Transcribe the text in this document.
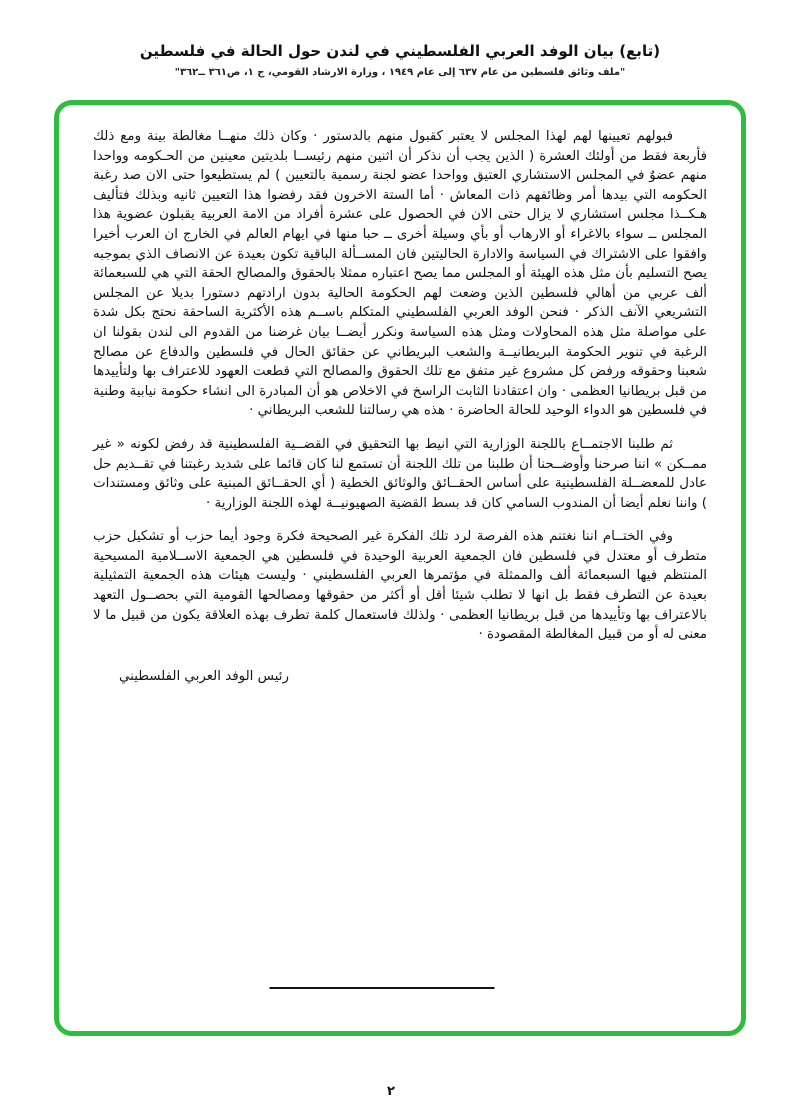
(تابع) بيان الوفد العربي الفلسطيني في لندن حول الحالة في فلسطين
"ملف وثائق فلسطين من عام ٦٣٧ إلى عام ١٩٤٩ ، وزارة الارشاد القومي، ج ١، ص٣٦١ ــ٣٦٢"

فبولهم تعيينها لهم لهذا المجلس لا يعتبر كقبول منهم بالدستور · وكان ذلك منهــا مغالطة بينة ومع ذلك فأربعة فقط من أولئك العشرة ( الذين يجب أن نذكر أن اثنين منهم رئيســا بلديتين معينين من الحـكومه وواحدا منهم عضوٌ في المجلس الاستشاري العتيق وواحدا عضو لجنة رسمية بالتعيين ) لم يستطيعوا حتى الان صد رغبة الحكومه التي بيدها أمر وظائفهم ذات المعاش · أما الستة الاخرون فقد رفضوا هذا التعيين ثانيه وبذلك فتأليف هـكــذا مجلس استشاري لا يزال حتى الان في الحصول على عشرة أفراد من الامة العربية يقبلون عضوية هذا المجلس ــ سواء بالاغراء أو الارهاب أو بأي وسيلة أخرى ــ حبا منها في ايهام العالم في الخارج ان العرب أخيرا وافقوا على الاشتراك في السياسة والادارة الحاليتين فان المســألة الباقية تكون بعيدة عن الانصاف الذي بموجبه يصح التسليم بأن مثل هذه الهيئة أو المجلس مما يصح اعتباره ممثلا بالحقوق والمصالح الحقة التي هي للسبعمائة ألف عربي من أهالي فلسطين الذين وضعت لهم الحكومة الحالية بدون ارادتهم دستورا بديلا عن المجلس التشريعي الآنف الذكر · فنحن الوفد العربي الفلسطيني المتكلم باســم هذه الأكثرية الساحقة نحتج بكل شدة على مواصلة مثل هذه المحاولات ومثل هذه السياسة ونكرر أيضــا بيان غرضنا من القدوم الى لندن بقولنا ان الرغبة في تنوير الحكومة البريطانيــة والشعب البريطاني عن حقائق الحال في فلسطين والدفاع عن مصالح شعبنا وحقوقه ورفض كل مشروع غير متفق مع تلك الحقوق والمصالح التي قطعت العهود للاعتراف بها ولتأييدها من قبل بريطانيا العظمى · وان اعتقادنا الثابت الراسخ في الاخلاص هو أن المبادرة الى انشاء حكومة نيابية وطنية في فلسطين هو الدواء الوحيد للحالة الحاضرة · هذه هي رسالتنا للشعب البريطاني ·

ثم طلبنا الاجتمــاع باللجنة الوزارية التي انيط بها التحقيق في القضــية الفلسطينية قد رفض لكونه « غير ممــكن » اننا صرحنا وأوضــحنا أن طلبنا من تلك اللجنة أن تستمع لنا كان قائما على شديد رغبتنا في تقــديم حل عادل للمعضــلة الفلسطينية على أساس الحقــائق والوثائق الخطية ( أي الحقــائق المبنية على وثائق ومستندات ) واننا نعلم أيضا أن المندوب السامي كان قد بسط القضية الصهيونيــة لهذه اللجنة الوزارية ·

وفي الختــام اننا نغتنم هذه الفرصة لرد تلك الفكرة غير الصحيحة فكرة وجود أيما حزب أو تشكيل حزب متطرف أو معتدل في فلسطين فان الجمعية العربية الوحيدة في فلسطين هي الجمعية الاســلامية المسيحية المنتظم فيها السبعمائة ألف والممثلة في مؤتمرها العربي الفلسطيني · وليست هيئات هذه الجمعية التمثيلية بعيدة عن التطرف فقط بل انها لا تطلب شيئا أقل أو أكثر من حقوقها ومصالحها القومية التي بحصــول التعهد بالاعتراف بها وتأييدها من قبل بريطانيا العظمى · ولذلك فاستعمال كلمة تطرف بهذه العلاقة يكون من قبيل ما لا معنى له أو من قبيل المغالطة المقصودة ·

رئيس الوفد العربي الفلسطيني
٢
